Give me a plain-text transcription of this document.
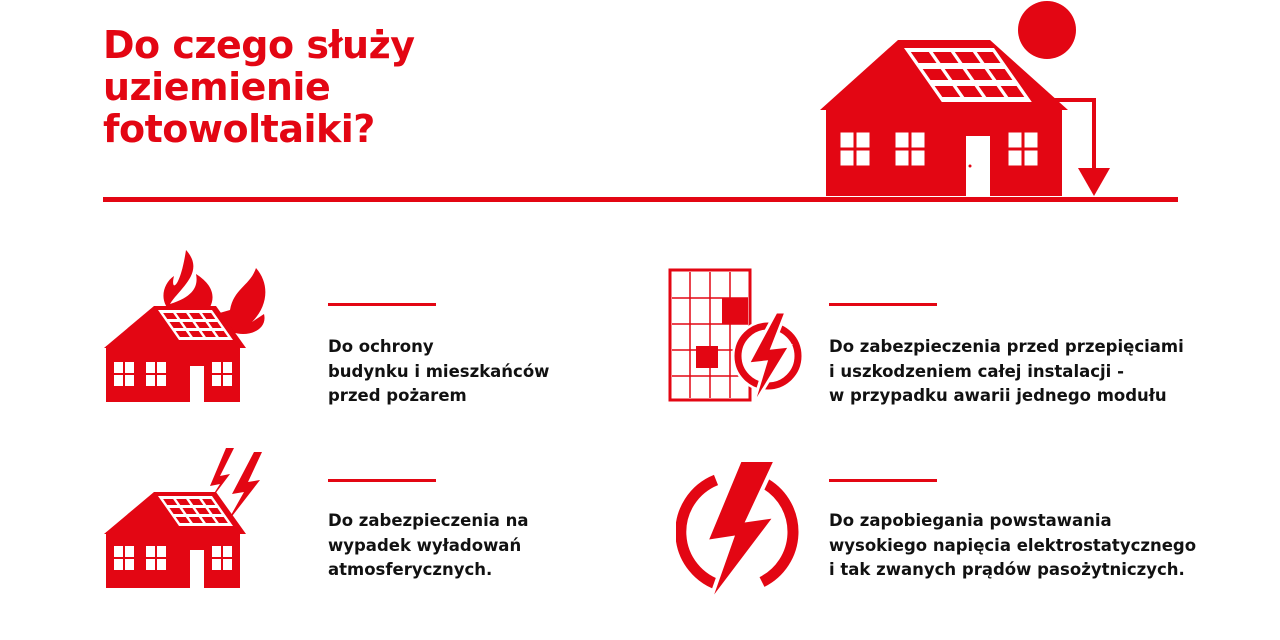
Do czego służy
uziemienie
fotowoltaiki?
Do ochrony
budynku i mieszkańców
przed pożarem
Do zabezpieczenia przed przepięciami
i uszkodzeniem całej instalacji -
w przypadku awarii jednego modułu
Do zabezpieczenia na
wypadek wyładowań
atmosferycznych.
Do zapobiegania powstawania
wysokiego napięcia elektrostatycznego
i tak zwanych prądów pasożytniczych.
